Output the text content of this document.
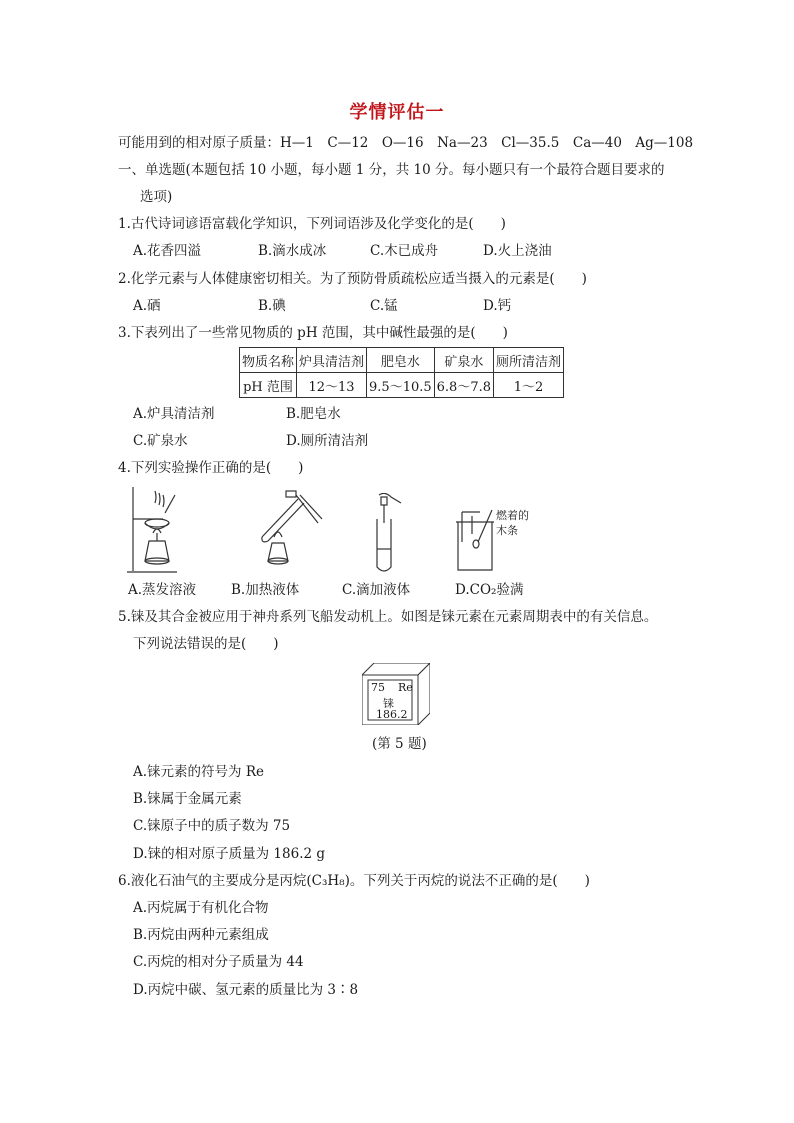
学情评估一
可能用到的相对原子质量：H—1　C—12　O—16　Na—23　Cl—35.5　Ca—40　Ag—108
一、单选题(本题包括 10 小题，每小题 1 分，共 10 分。每小题只有一个最符合题目要求的
选项)
1.古代诗词谚语富载化学知识，下列词语涉及化学变化的是(　　)
A.花香四溢	B.滴水成冰	C.木已成舟	D.火上浇油
2.化学元素与人体健康密切相关。为了预防骨质疏松应适当摄入的元素是(　　)
A.硒	B.碘	C.锰	D.钙
3.下表列出了一些常见物质的 pH 范围，其中碱性最强的是(　　)
物质名称	炉具清洁剂	肥皂水	矿泉水	厕所清洁剂
pH 范围	12～13	9.5～10.5	6.8～7.8	1～2
A.炉具清洁剂	B.肥皂水
C.矿泉水	D.厕所清洁剂
4.下列实验操作正确的是(　　)
燃着的木条
A.蒸发溶液	B.加热液体	C.滴加液体	D.CO₂验满
5.铼及其合金被应用于神舟系列飞船发动机上。如图是铼元素在元素周期表中的有关信息。
下列说法错误的是(　　)
75 Re
铼
186.2
(第 5 题)
A.铼元素的符号为 Re
B.铼属于金属元素
C.铼原子中的质子数为 75
D.铼的相对原子质量为 186.2 g
6.液化石油气的主要成分是丙烷(C₃H₈)。下列关于丙烷的说法不正确的是(　　)
A.丙烷属于有机化合物
B.丙烷由两种元素组成
C.丙烷的相对分子质量为 44
D.丙烷中碳、氢元素的质量比为 3∶8
